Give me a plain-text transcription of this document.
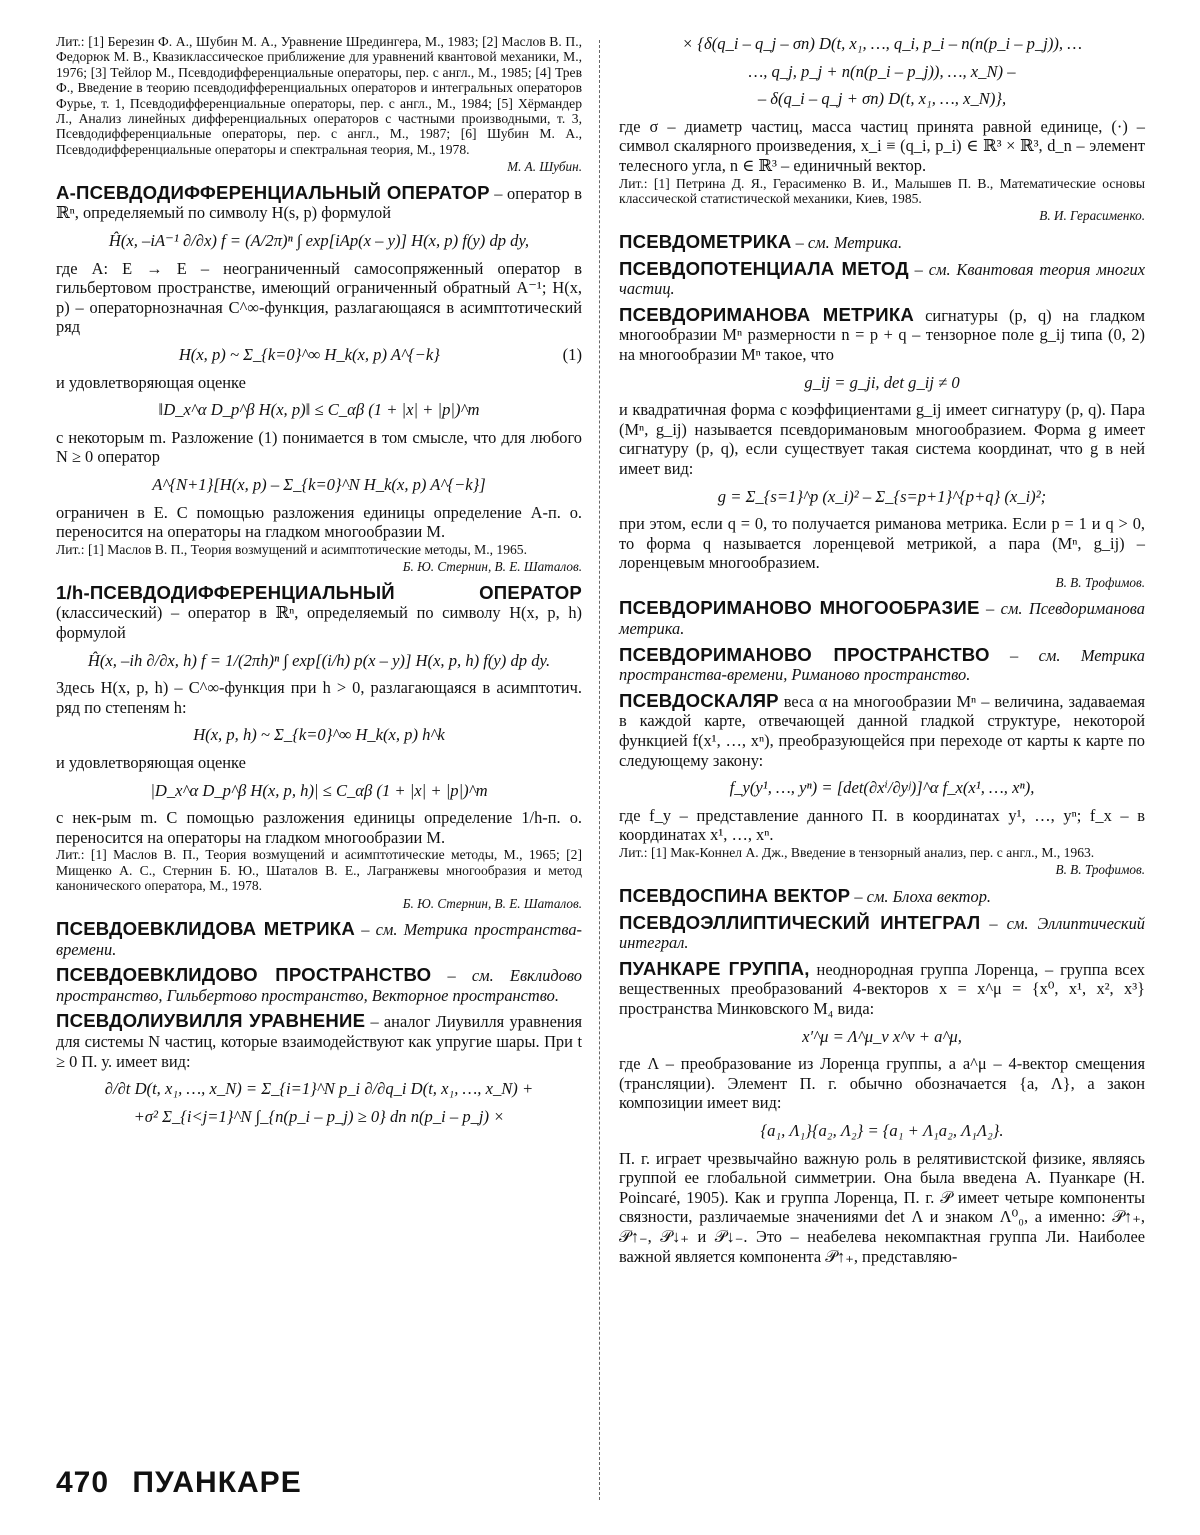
Лит.: [1] Березин Ф. А., Шубин М. А., Уравнение Шредингера, М., 1983; [2] Маслов В. П., Федорюк М. В., Квазиклассическое приближение для уравнений квантовой механики, М., 1976; [3] Тейлор М., Псевдодифференциальные операторы, пер. с англ., М., 1985; [4] Трев Ф., Введение в теорию псевдодифференциальных операторов и интегральных операторов Фурье, т. 1, Псевдодифференциальные операторы, пер. с англ., М., 1984; [5] Хёрмандер Л., Анализ линейных дифференциальных операторов с частными производными, т. 3, Псевдодифференциальные операторы, пер. с англ., М., 1987; [6] Шубин М. А., Псевдодифференциальные операторы и спектральная теория, М., 1978.

М. А. Шубин.

А-ПСЕВДОДИФФЕРЕНЦИАЛЬНЫЙ ОПЕРАТОР – оператор в ℝⁿ, определяемый по символу H(s, p) формулой

Ĥ(x, –iA⁻¹ ∂/∂x) f = (A/2π)ⁿ ∫ exp[iAp(x – y)] H(x, p) f(y) dp dy,

где A: E → E – неограниченный самосопряженный оператор в гильбертовом пространстве, имеющий ограниченный обратный A⁻¹; H(x, p) – операторнозначная C^∞-функция, разлагающаяся в асимптотический ряд

H(x, p) ~ Σ_{k=0}^∞ H_k(x, p) A^{−k}	(1)

и удовлетворяющая оценке

‖D_x^α D_p^β H(x, p)‖ ≤ C_αβ (1 + |x| + |p|)^m

с некоторым m. Разложение (1) понимается в том смысле, что для любого N ≥ 0 оператор

A^{N+1}[H(x, p) – Σ_{k=0}^N H_k(x, p) A^{−k}]

ограничен в E. С помощью разложения единицы определение A-п. о. переносится на операторы на гладком многообразии M.

Лит.: [1] Маслов В. П., Теория возмущений и асимптотические методы, М., 1965.

Б. Ю. Стернин, В. Е. Шаталов.

1/h-ПСЕВДОДИФФЕРЕНЦИАЛЬНЫЙ ОПЕРАТОР (классический) – оператор в ℝⁿ, определяемый по символу H(x, p, h) формулой

Ĥ(x, –ih ∂/∂x, h) f = 1/(2πh)ⁿ ∫ exp[(i/h) p(x – y)] H(x, p, h) f(y) dp dy.

Здесь H(x, p, h) – C^∞-функция при h > 0, разлагающаяся в асимптотич. ряд по степеням h:

H(x, p, h) ~ Σ_{k=0}^∞ H_k(x, p) h^k

и удовлетворяющая оценке

|D_x^α D_p^β H(x, p, h)| ≤ C_αβ (1 + |x| + |p|)^m

с нек-рым m. С помощью разложения единицы определение 1/h-п. о. переносится на операторы на гладком многообразии M.

Лит.: [1] Маслов В. П., Теория возмущений и асимптотические методы, М., 1965; [2] Мищенко А. С., Стернин Б. Ю., Шаталов В. Е., Лагранжевы многообразия и метод канонического оператора, М., 1978.

Б. Ю. Стернин, В. Е. Шаталов.

ПСЕВДОЕВКЛИДОВА МЕТРИКА – см. Метрика пространства-времени.

ПСЕВДОЕВКЛИДОВО ПРОСТРАНСТВО – см. Евклидово пространство, Гильбертово пространство, Векторное пространство.

ПСЕВДОЛИУВИЛЛЯ УРАВНЕНИЕ – аналог Лиувилля уравнения для системы N частиц, которые взаимодействуют как упругие шары. При t ≥ 0 П. у. имеет вид:

∂/∂t D(t, x₁, …, x_N) = Σ_{i=1}^N p_i ∂/∂q_i D(t, x₁, …, x_N) +
+σ² Σ_{i<j=1}^N ∫_{n(p_i – p_j) ≥ 0} dn n(p_i – p_j) ×
× {δ(q_i – q_j – σn) D(t, x₁, …, q_i, p_i – n(n(p_i – p_j)), …
…, q_j, p_j + n(n(p_i – p_j)), …, x_N) –
– δ(q_i – q_j + σn) D(t, x₁, …, x_N)},

где σ – диаметр частиц, масса частиц принята равной единице, (·) – символ скалярного произведения, x_i ≡ (q_i, p_i) ∈ ℝ³ × ℝ³, d_n – элемент телесного угла, n ∈ ℝ³ – единичный вектор.

Лит.: [1] Петрина Д. Я., Герасименко В. И., Малышев П. В., Математические основы классической статистической механики, Киев, 1985.

В. И. Герасименко.

ПСЕВДОМЕТРИКА – см. Метрика.

ПСЕВДОПОТЕНЦИАЛА МЕТОД – см. Квантовая теория многих частиц.

ПСЕВДОРИМАНОВА МЕТРИКА сигнатуры (p, q) на гладком многообразии Mⁿ размерности n = p + q – тензорное поле g_ij типа (0, 2) на многообразии Mⁿ такое, что

g_ij = g_ji, det g_ij ≠ 0

и квадратичная форма с коэффициентами g_ij имеет сигнатуру (p, q). Пара (Mⁿ, g_ij) называется псевдоримановым многообразием. Форма g имеет сигнатуру (p, q), если существует такая система координат, что g в ней имеет вид:

g = Σ_{s=1}^p (x_i)² – Σ_{s=p+1}^{p+q} (x_i)²;

при этом, если q = 0, то получается риманова метрика. Если p = 1 и q > 0, то форма q называется лоренцевой метрикой, а пара (Mⁿ, g_ij) – лоренцевым многообразием.

В. В. Трофимов.

ПСЕВДОРИМАНОВО МНОГООБРАЗИЕ – см. Псевдориманова метрика.

ПСЕВДОРИМАНОВО ПРОСТРАНСТВО – см. Метрика пространства-времени, Риманово пространство.

ПСЕВДОСКАЛЯР веса α на многообразии Mⁿ – величина, задаваемая в каждой карте, отвечающей данной гладкой структуре, некоторой функцией f(x¹, …, xⁿ), преобразующейся при переходе от карты к карте по следующему закону:

f_y(y¹, …, yⁿ) = [det(∂xⁱ/∂yʲ)]^α f_x(x¹, …, xⁿ),

где f_y – представление данного П. в координатах y¹, …, yⁿ; f_x – в координатах x¹, …, xⁿ.

Лит.: [1] Мак-Коннел А. Дж., Введение в тензорный анализ, пер. с англ., М., 1963.

В. В. Трофимов.

ПСЕВДОСПИНА ВЕКТОР – см. Блоха вектор.

ПСЕВДОЭЛЛИПТИЧЕСКИЙ ИНТЕГРАЛ – см. Эллиптический интеграл.

ПУАНКАРЕ ГРУППА, неоднородная группа Лоренца, – группа всех вещественных преобразований 4-векторов x = x^μ = {x⁰, x¹, x², x³} пространства Минковского M₄ вида:

x′^μ = Λ^μ_ν x^ν + a^μ,

где Λ – преобразование из Лоренца группы, а a^μ – 4-вектор смещения (трансляции). Элемент П. г. обычно обозначается {a, Λ}, а закон композиции имеет вид:

{a₁, Λ₁}{a₂, Λ₂} = {a₁ + Λ₁a₂, Λ₁Λ₂}.

П. г. играет чрезвычайно важную роль в релятивистской физике, являясь группой ее глобальной симметрии. Она была введена А. Пуанкаре (H. Poincaré, 1905). Как и группа Лоренца, П. г. 𝒫 имеет четыре компоненты связности, различаемые значениями det Λ и знаком Λ⁰₀, а именно: 𝒫↑₊, 𝒫↑₋, 𝒫↓₊ и 𝒫↓₋. Это – неабелева некомпактная группа Ли. Наиболее важной является компонента 𝒫↑₊, представляю-

470 ПУАНКАРЕ
